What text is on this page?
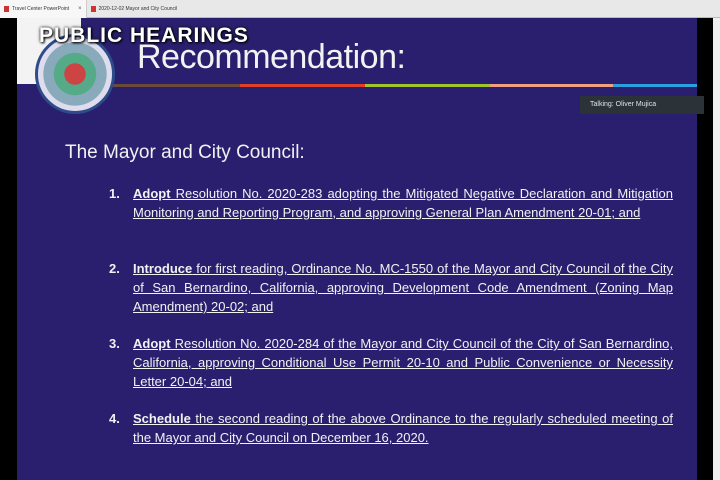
Travel Center PowerPoint ×	2020-12-02 Mayor and City Council
Recommendation:
PUBLIC HEARINGS
The Mayor and City Council:
1. Adopt Resolution No. 2020-283 adopting the Mitigated Negative Declaration and Mitigation Monitoring and Reporting Program, and approving General Plan Amendment 20-01; and
2. Introduce for first reading, Ordinance No. MC-1550 of the Mayor and City Council of the City of San Bernardino, California, approving Development Code Amendment (Zoning Map Amendment) 20-02; and
3. Adopt Resolution No. 2020-284 of the Mayor and City Council of the City of San Bernardino, California, approving Conditional Use Permit 20-10 and Public Convenience or Necessity Letter 20-04; and
4. Schedule the second reading of the above Ordinance to the regularly scheduled meeting of the Mayor and City Council on December 16, 2020.
Talking: Oliver Mujica
